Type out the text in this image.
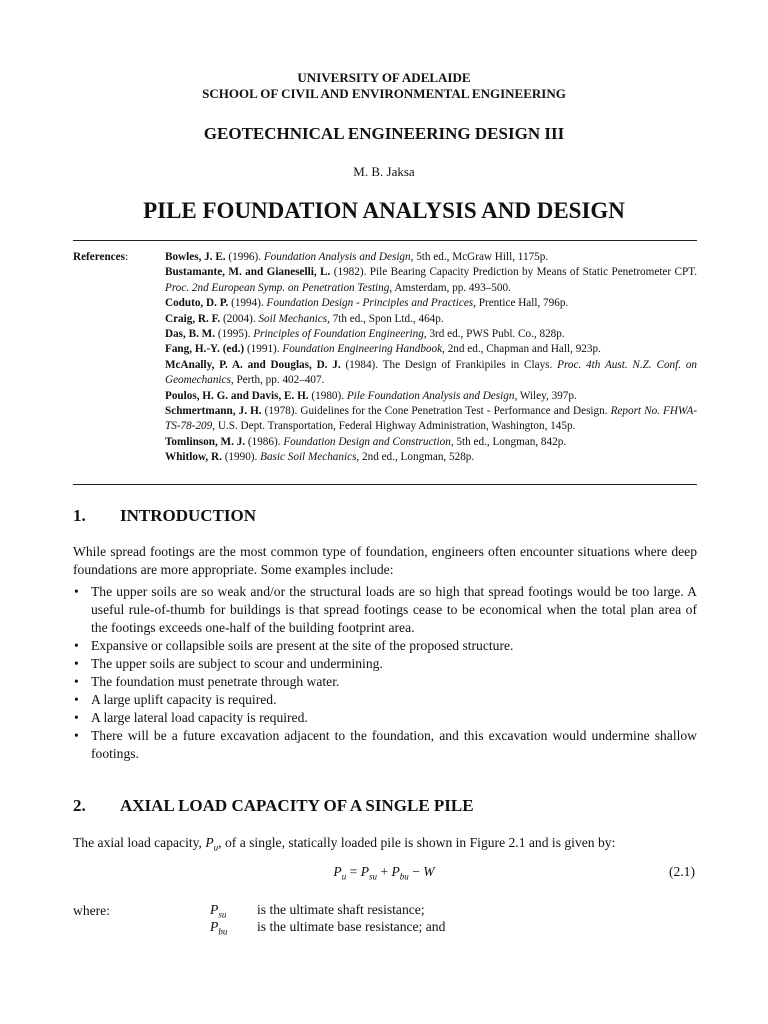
UNIVERSITY OF ADELAIDE
SCHOOL OF CIVIL AND ENVIRONMENTAL ENGINEERING
GEOTECHNICAL ENGINEERING DESIGN III
M. B. Jaksa
PILE FOUNDATION ANALYSIS AND DESIGN
References:	Bowles, J. E. (1996). Foundation Analysis and Design, 5th ed., McGraw Hill, 1175p.

Bustamante, M. and Gianeselli, L. (1982). Pile Bearing Capacity Prediction by Means of Static Penetrometer CPT. Proc. 2nd European Symp. on Penetration Testing, Amsterdam, pp. 493–500.

Coduto, D. P. (1994). Foundation Design - Principles and Practices, Prentice Hall, 796p.

Craig, R. F. (2004). Soil Mechanics, 7th ed., Spon Ltd., 464p.

Das, B. M. (1995). Principles of Foundation Engineering, 3rd ed., PWS Publ. Co., 828p.

Fang, H.-Y. (ed.) (1991). Foundation Engineering Handbook, 2nd ed., Chapman and Hall, 923p.

McAnally, P. A. and Douglas, D. J. (1984). The Design of Frankipiles in Clays. Proc. 4th Aust. N.Z. Conf. on Geomechanics, Perth, pp. 402–407.

Poulos, H. G. and Davis, E. H. (1980). Pile Foundation Analysis and Design, Wiley, 397p.

Schmertmann, J. H. (1978). Guidelines for the Cone Penetration Test - Performance and Design. Report No. FHWA-TS-78-209, U.S. Dept. Transportation, Federal Highway Administration, Washington, 145p.

Tomlinson, M. J. (1986). Foundation Design and Construction, 5th ed., Longman, 842p.

Whitlow, R. (1990). Basic Soil Mechanics, 2nd ed., Longman, 528p.

1. INTRODUCTION
While spread footings are the most common type of foundation, engineers often encounter situations where deep foundations are more appropriate. Some examples include:
• The upper soils are so weak and/or the structural loads are so high that spread footings would be too large. A useful rule-of-thumb for buildings is that spread footings cease to be economical when the total plan area of the footings exceeds one-half of the building footprint area.
• Expansive or collapsible soils are present at the site of the proposed structure.
• The upper soils are subject to scour and undermining.
• The foundation must penetrate through water.
• A large uplift capacity is required.
• A large lateral load capacity is required.
• There will be a future excavation adjacent to the foundation, and this excavation would undermine shallow footings.
2. AXIAL LOAD CAPACITY OF A SINGLE PILE
The axial load capacity, $P_u$, of a single, statically loaded pile is shown in Figure 2.1 and is given by:
$P_u = P_{su} + P_{bu} - W$	(2.1)
where:	$P_{su}$ is the ultimate shaft resistance;
$P_{bu}$ is the ultimate base resistance; and
